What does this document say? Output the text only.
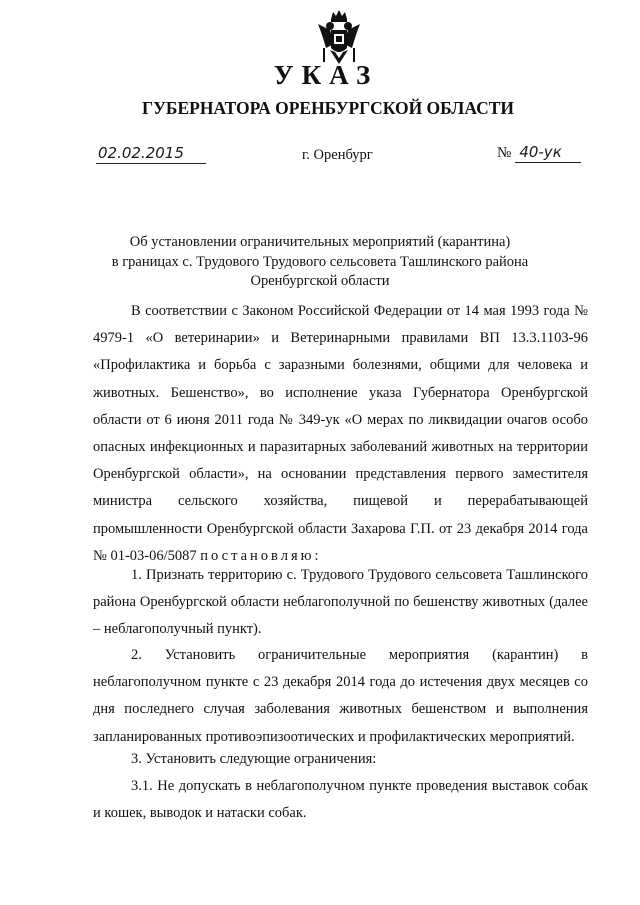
УКАЗ
ГУБЕРНАТОРА ОРЕНБУРГСКОЙ ОБЛАСТИ
02.02.2015	г. Оренбург	№ 40-ук
Об установлении ограничительных мероприятий (карантина)
в границах с. Трудового Трудового сельсовета Ташлинского района
Оренбургской области

В соответствии с Законом Российской Федерации от 14 мая 1993 года № 4979-1 «О ветеринарии» и Ветеринарными правилами ВП 13.3.1103-96 «Профилактика и борьба с заразными болезнями, общими для человека и животных. Бешенство», во исполнение указа Губернатора Оренбургской области от 6 июня 2011 года № 349-ук «О мерах по ликвидации очагов особо опасных инфекционных и паразитарных заболеваний животных на территории Оренбургской области», на основании представления первого заместителя министра сельского хозяйства, пищевой и перерабатывающей промышленности Оренбургской области Захарова Г.П. от 23 декабря 2014 года № 01-03-06/5087 постановляю:

1. Признать территорию с. Трудового Трудового сельсовета Ташлинского района Оренбургской области неблагополучной по бешенству животных (далее – неблагополучный пункт).

2. Установить ограничительные мероприятия (карантин) в неблагополучном пункте с 23 декабря 2014 года до истечения двух месяцев со дня последнего случая заболевания животных бешенством и выполнения запланированных противоэпизоотических и профилактических мероприятий.

3. Установить следующие ограничения:

3.1. Не допускать в неблагополучном пункте проведения выставок собак и кошек, выводок и натаски собак.
